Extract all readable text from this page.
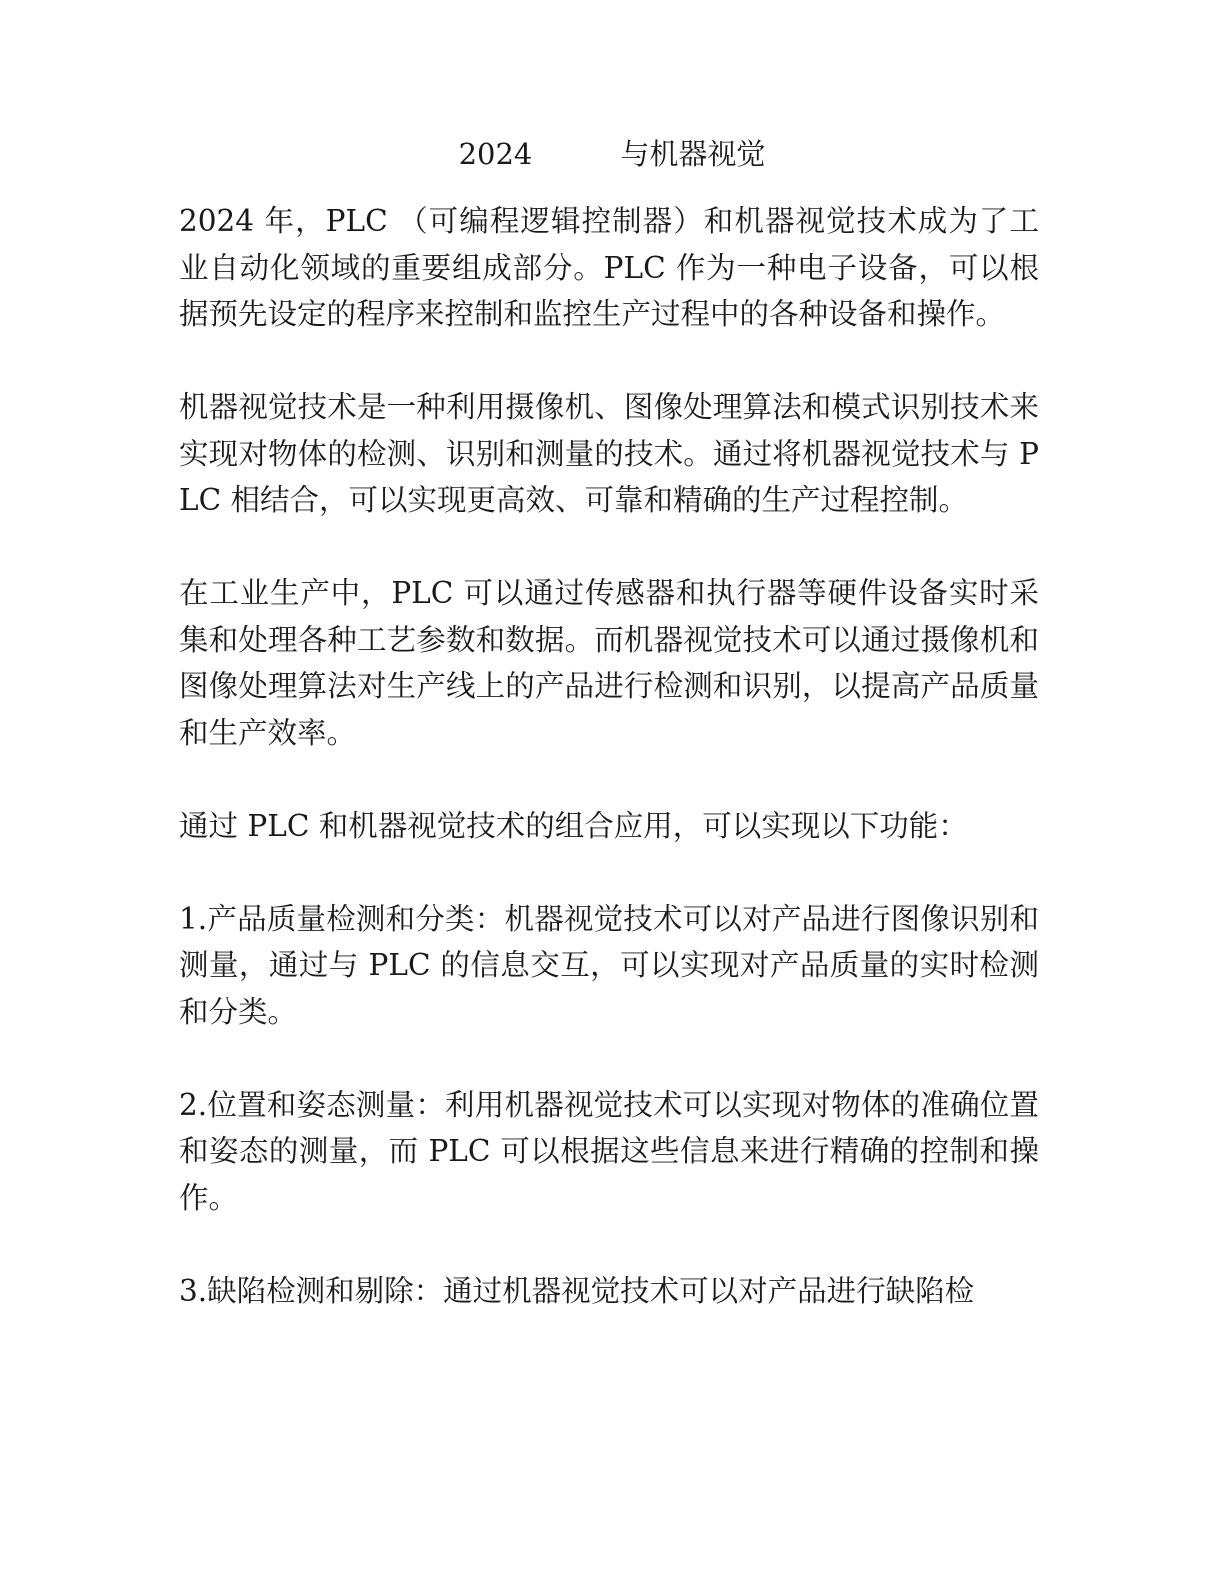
2024	与机器视觉

2024 年，PLC （可编程逻辑控制器）和机器视觉技术成为了工业自动化领域的重要组成部分。PLC 作为一种电子设备，可以根据预先设定的程序来控制和监控生产过程中的各种设备和操作。

机器视觉技术是一种利用摄像机、图像处理算法和模式识别技术来实现对物体的检测、识别和测量的技术。通过将机器视觉技术与 PLC 相结合，可以实现更高效、可靠和精确的生产过程控制。

在工业生产中，PLC 可以通过传感器和执行器等硬件设备实时采集和处理各种工艺参数和数据。而机器视觉技术可以通过摄像机和图像处理算法对生产线上的产品进行检测和识别，以提高产品质量和生产效率。

通过 PLC 和机器视觉技术的组合应用，可以实现以下功能：

1.产品质量检测和分类：机器视觉技术可以对产品进行图像识别和测量，通过与 PLC 的信息交互，可以实现对产品质量的实时检测和分类。

2.位置和姿态测量：利用机器视觉技术可以实现对物体的准确位置和姿态的测量，而 PLC 可以根据这些信息来进行精确的控制和操作。

3.缺陷检测和剔除：通过机器视觉技术可以对产品进行缺陷检
